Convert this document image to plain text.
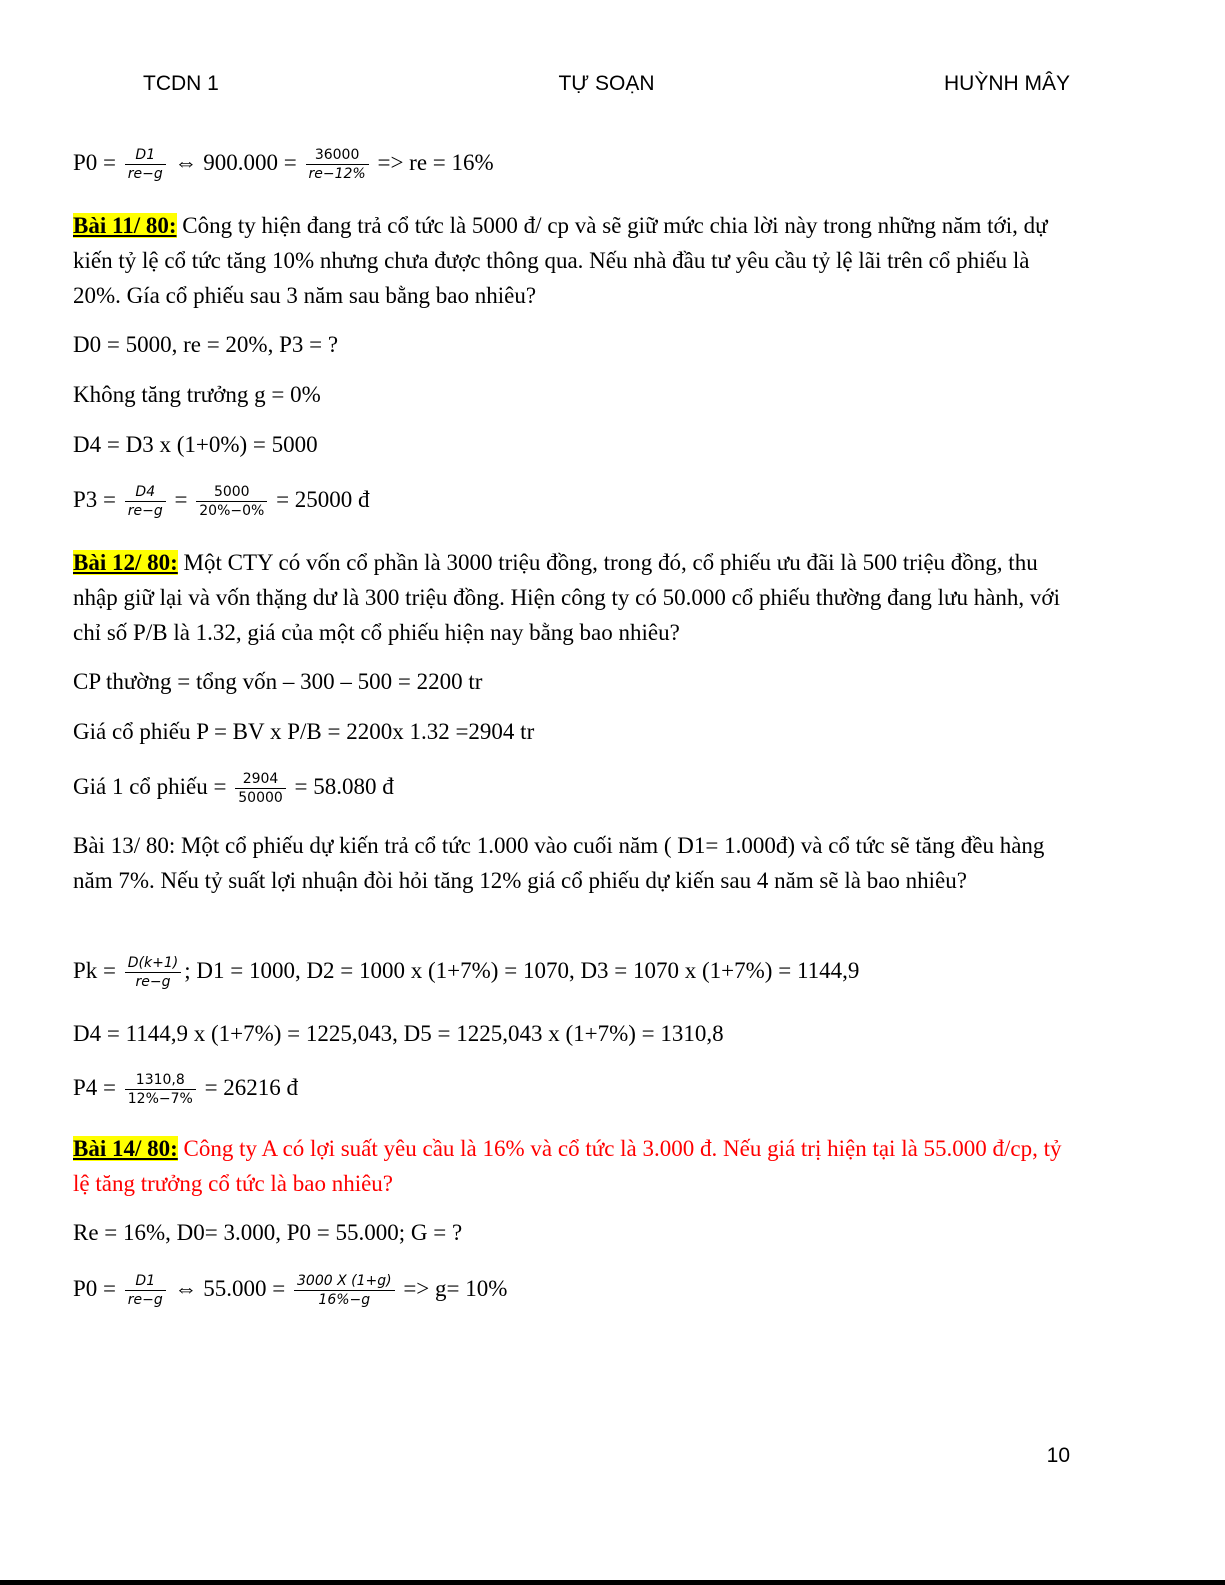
TCDN 1	TỰ SOẠN	HUỲNH MÂY
$P0 = \frac{D1}{re-g}$ ⇔ $900.000 = \frac{36000}{re-12\%}$ => re = 16%
Bài 11/ 80: Công ty hiện đang trả cổ tức là 5000 đ/ cp và sẽ giữ mức chia lời này trong những năm tới, dự kiến tỷ lệ cổ tức tăng 10% nhưng chưa được thông qua. Nếu nhà đầu tư yêu cầu tỷ lệ lãi trên cổ phiếu là 20%. Gía cổ phiếu sau 3 năm sau bằng bao nhiêu?
D0 = 5000, re = 20%, P3 = ?
Không tăng trưởng g = 0%
D4 = D3 x (1+0%) = 5000
$P3 = \frac{D4}{re-g} = \frac{5000}{20\%-0\%} = 25000$ đ
Bài 12/ 80: Một CTY có vốn cổ phần là 3000 triệu đồng, trong đó, cổ phiếu ưu đãi là 500 triệu đồng, thu nhập giữ lại và vốn thặng dư là 300 triệu đồng. Hiện công ty có 50.000 cổ phiếu thường đang lưu hành, với chỉ số P/B là 1.32, giá của một cổ phiếu hiện nay bằng bao nhiêu?
CP thường = tổng vốn – 300 – 500 = 2200 tr
Giá cổ phiếu P = BV x P/B = 2200x 1.32 =2904 tr
Giá 1 cổ phiếu = $\frac{2904}{50000} = 58.080$ đ
Bài 13/ 80: Một cổ phiếu dự kiến trả cổ tức 1.000 vào cuối năm ( D1= 1.000đ) và cổ tức sẽ tăng đều hàng năm 7%. Nếu tỷ suất lợi nhuận đòi hỏi tăng 12% giá cổ phiếu dự kiến sau 4 năm sẽ là bao nhiêu?
$Pk = \frac{D(k+1)}{re-g}$ ; D1 = 1000, D2 = 1000 x (1+7%) = 1070, D3 = 1070 x (1+7%) = 1144,9
D4 = 1144,9 x (1+7%) = 1225,043, D5 = 1225,043 x (1+7%) = 1310,8
$P4 = \frac{1310,8}{12\%-7\%} = 26216$ đ
Bài 14/ 80: Công ty A có lợi suất yêu cầu là 16% và cổ tức là 3.000 đ. Nếu giá trị hiện tại là 55.000 đ/cp, tỷ lệ tăng trưởng cổ tức là bao nhiêu?
Re = 16%, D0= 3.000, P0 = 55.000; G = ?
$P0 = \frac{D1}{re-g}$ ⇔ $55.000 = \frac{3000 X (1+g)}{16\%-g} => g= 10\%$
10
